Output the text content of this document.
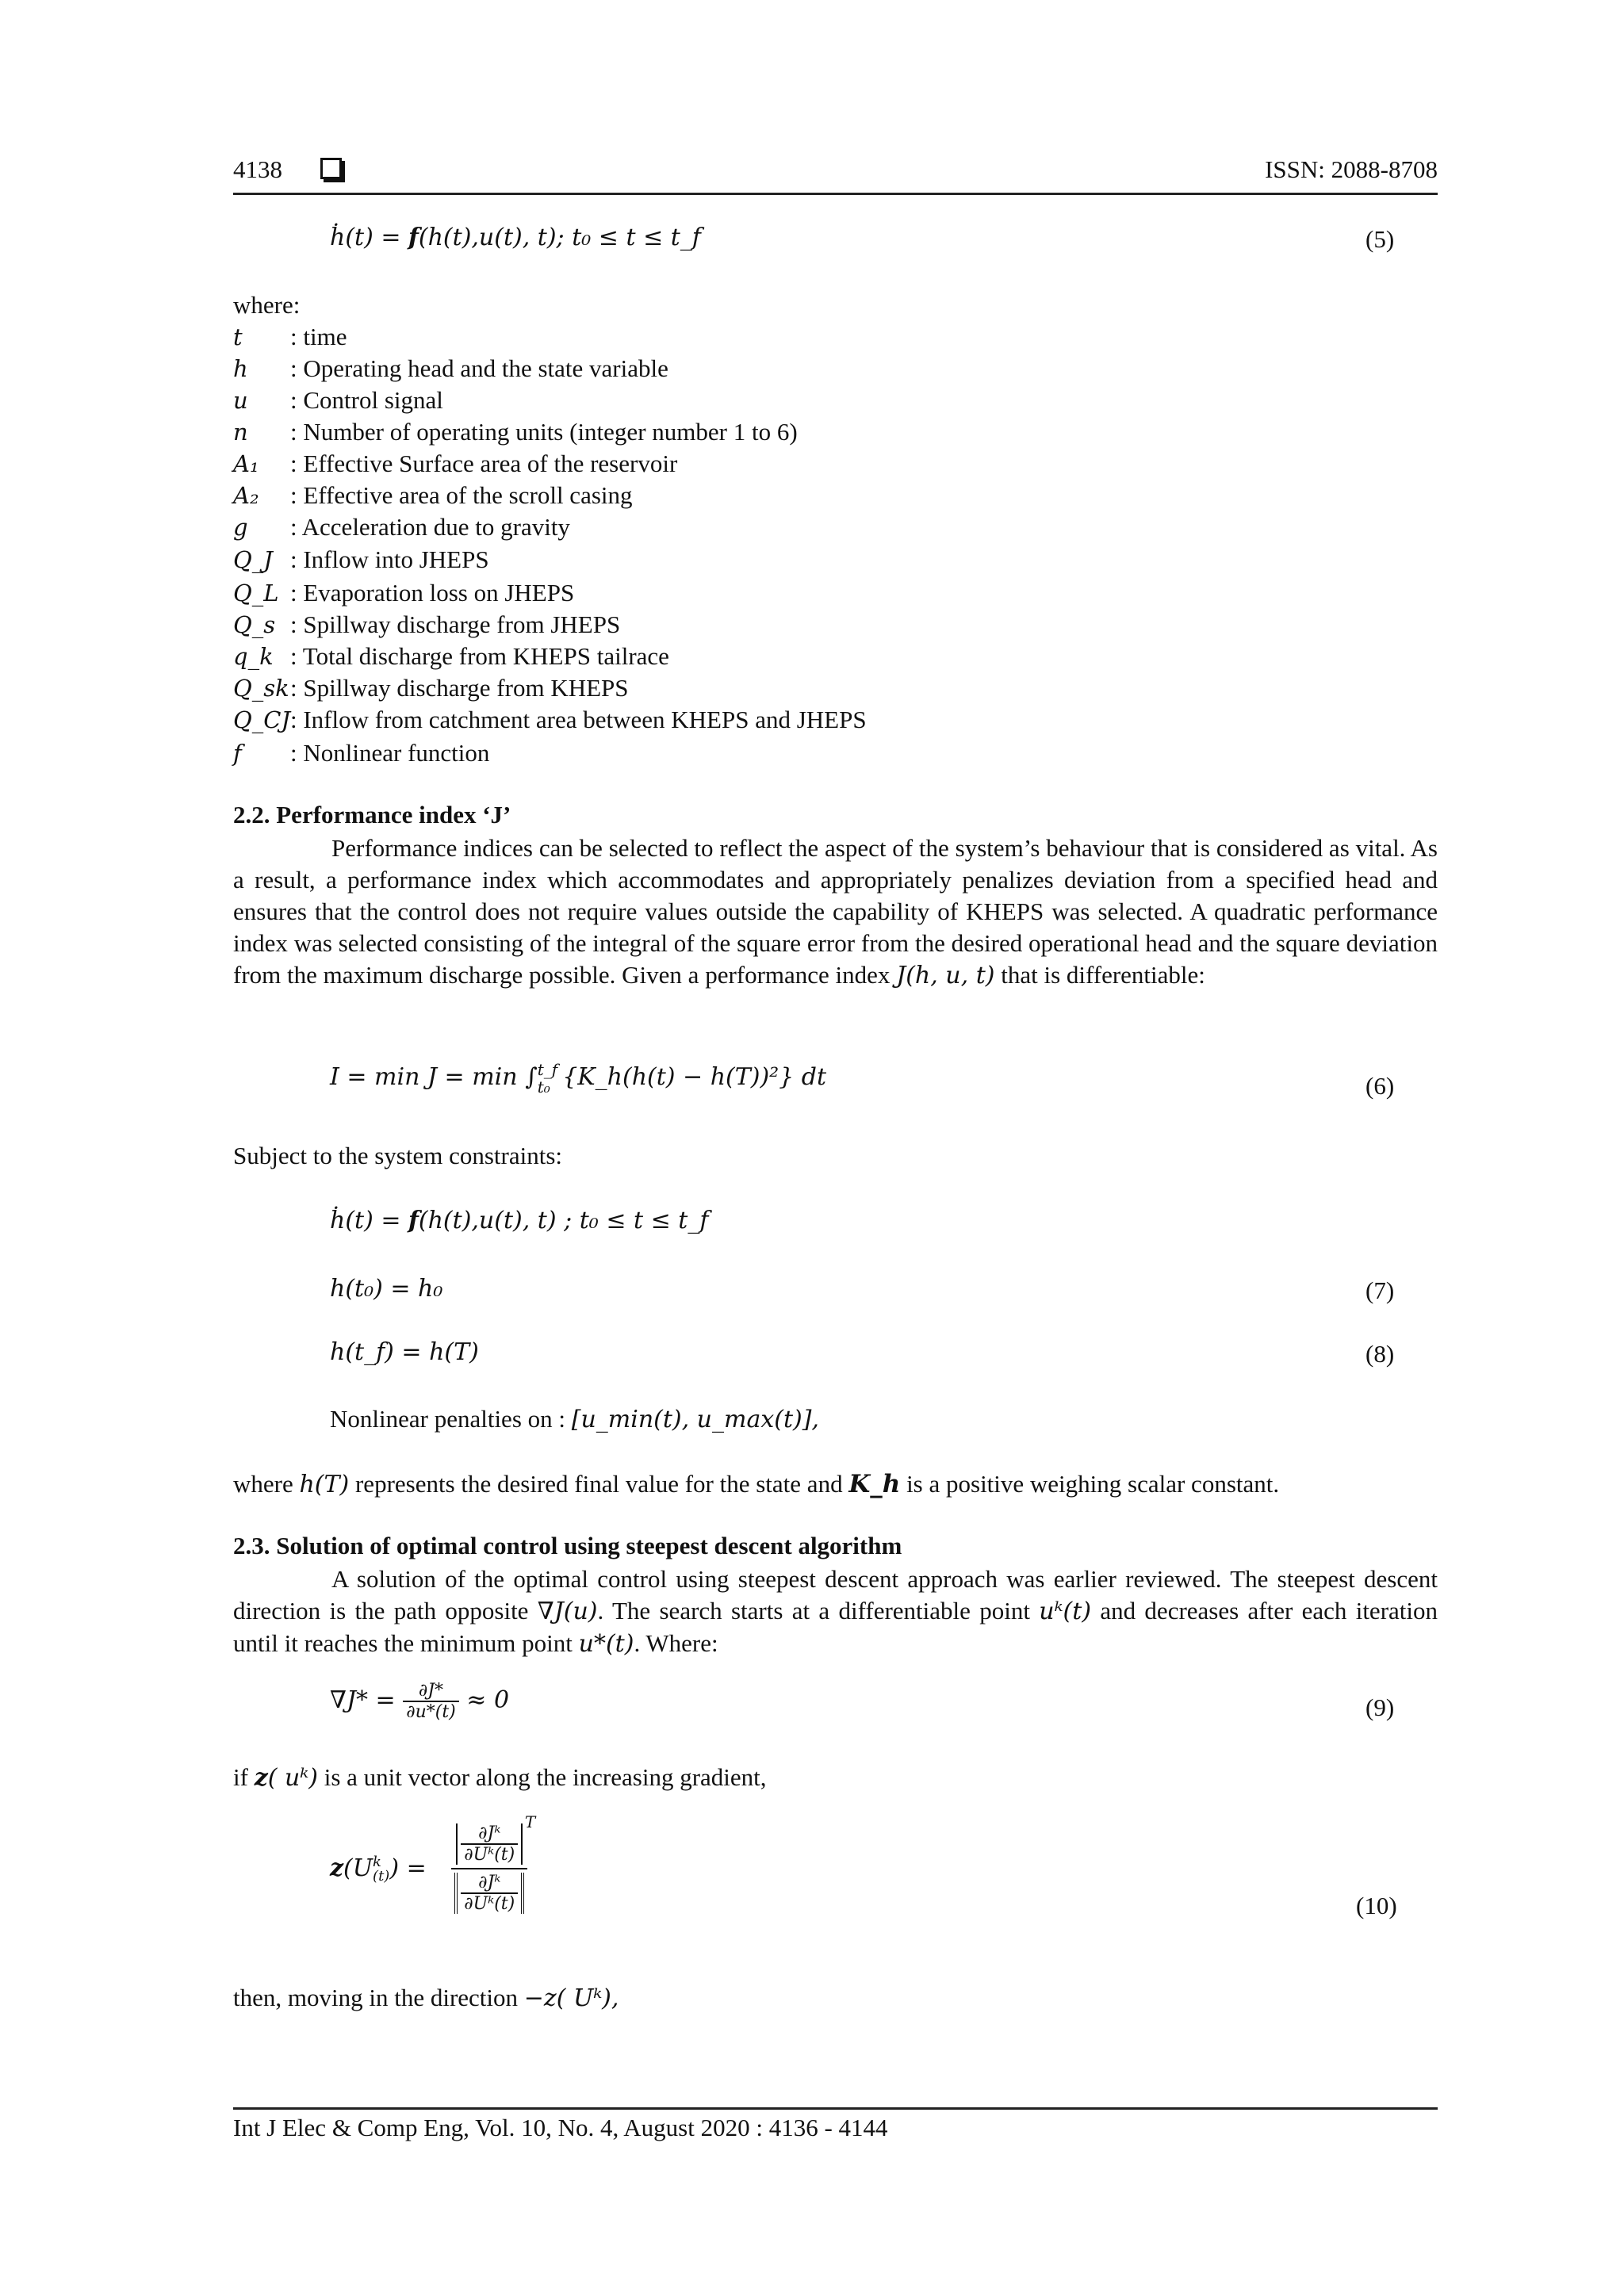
4138	ISSN: 2088-8708
ḣ(t) = f(h(t),u(t), t); t₀ ≤ t ≤ t_f	(5)
where:
t : time
h : Operating head and the state variable
u : Control signal
n : Number of operating units (integer number 1 to 6)
A₁ : Effective Surface area of the reservoir
A₂ : Effective area of the scroll casing
g : Acceleration due to gravity
Q_J : Inflow into JHEPS
Q_L : Evaporation loss on JHEPS
Q_s : Spillway discharge from JHEPS
q_k : Total discharge from KHEPS tailrace
Q_sk: Spillway discharge from KHEPS
Q_CJ: Inflow from catchment area between KHEPS and JHEPS
f : Nonlinear function
2.2. Performance index ‘J’
Performance indices can be selected to reflect the aspect of the system’s behaviour that is considered as vital. As a result, a performance index which accommodates and appropriately penalizes deviation from a specified head and ensures that the control does not require values outside the capability of KHEPS was selected. A quadratic performance index was selected consisting of the integral of the square error from the desired operational head and the square deviation from the maximum discharge possible. Given a performance index J(h, u, t) that is differentiable:
I = min J = min ∫ t_f
t₀ {K_h(h(t) − h(T))²} dt	(6)
Subject to the system constraints:
ḣ(t) = f(h(t),u(t), t) ; t₀ ≤ t ≤ t_f
h(t₀) = h₀	(7)
h(t_f) = h(T)	(8)
Nonlinear penalties on : [u_min(t), u_max(t)],
where h(T) represents the desired final value for the state and K_h is a positive weighing scalar constant.
2.3. Solution of optimal control using steepest descent algorithm
A solution of the optimal control using steepest descent approach was earlier reviewed. The steepest descent direction is the path opposite ∇J(u). The search starts at a differentiable point uᵏ(t) and decreases after each iteration until it reaches the minimum point u*(t). Where:
$\nabla J* = \frac{\partial J*}{\partial u*(t)} \approx 0$	(9)
if z( uᵏ) is a unit vector along the increasing gradient,
z(U k
(t) ) = $\frac{\text{∂Jᵏ}}{\text{∂Uᵏ(t)}}$
T
$\frac{\text{∂Jᵏ}}{\text{∂Uᵏ(t)}}$	(10)
then, moving in the direction −z( Uᵏ),
Int J Elec & Comp Eng, Vol. 10, No. 4, August 2020 : 4136 - 4144
